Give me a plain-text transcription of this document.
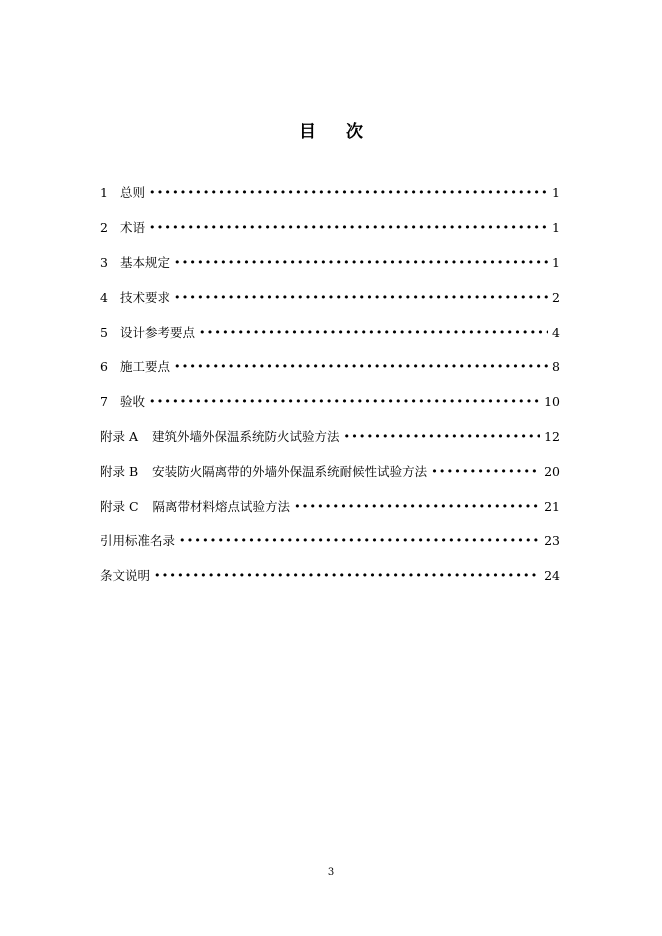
目 次
1 总则 •••••	1
2 术语 •••••	1
3 基本规定 •••••	1
4 技术要求 •••••	2
5 设计参考要点 •••••	4
6 施工要点 •••••	8
7 验收 •••••	10
附录 A 建筑外墙外保温系统防火试验方法 •••••	12
附录 B 安装防火隔离带的外墙外保温系统耐候性试验方法 •••••	20
附录 C 隔离带材料熔点试验方法 •••••	21
引用标准名录 •••••	23
条文说明 •••••	24
3
